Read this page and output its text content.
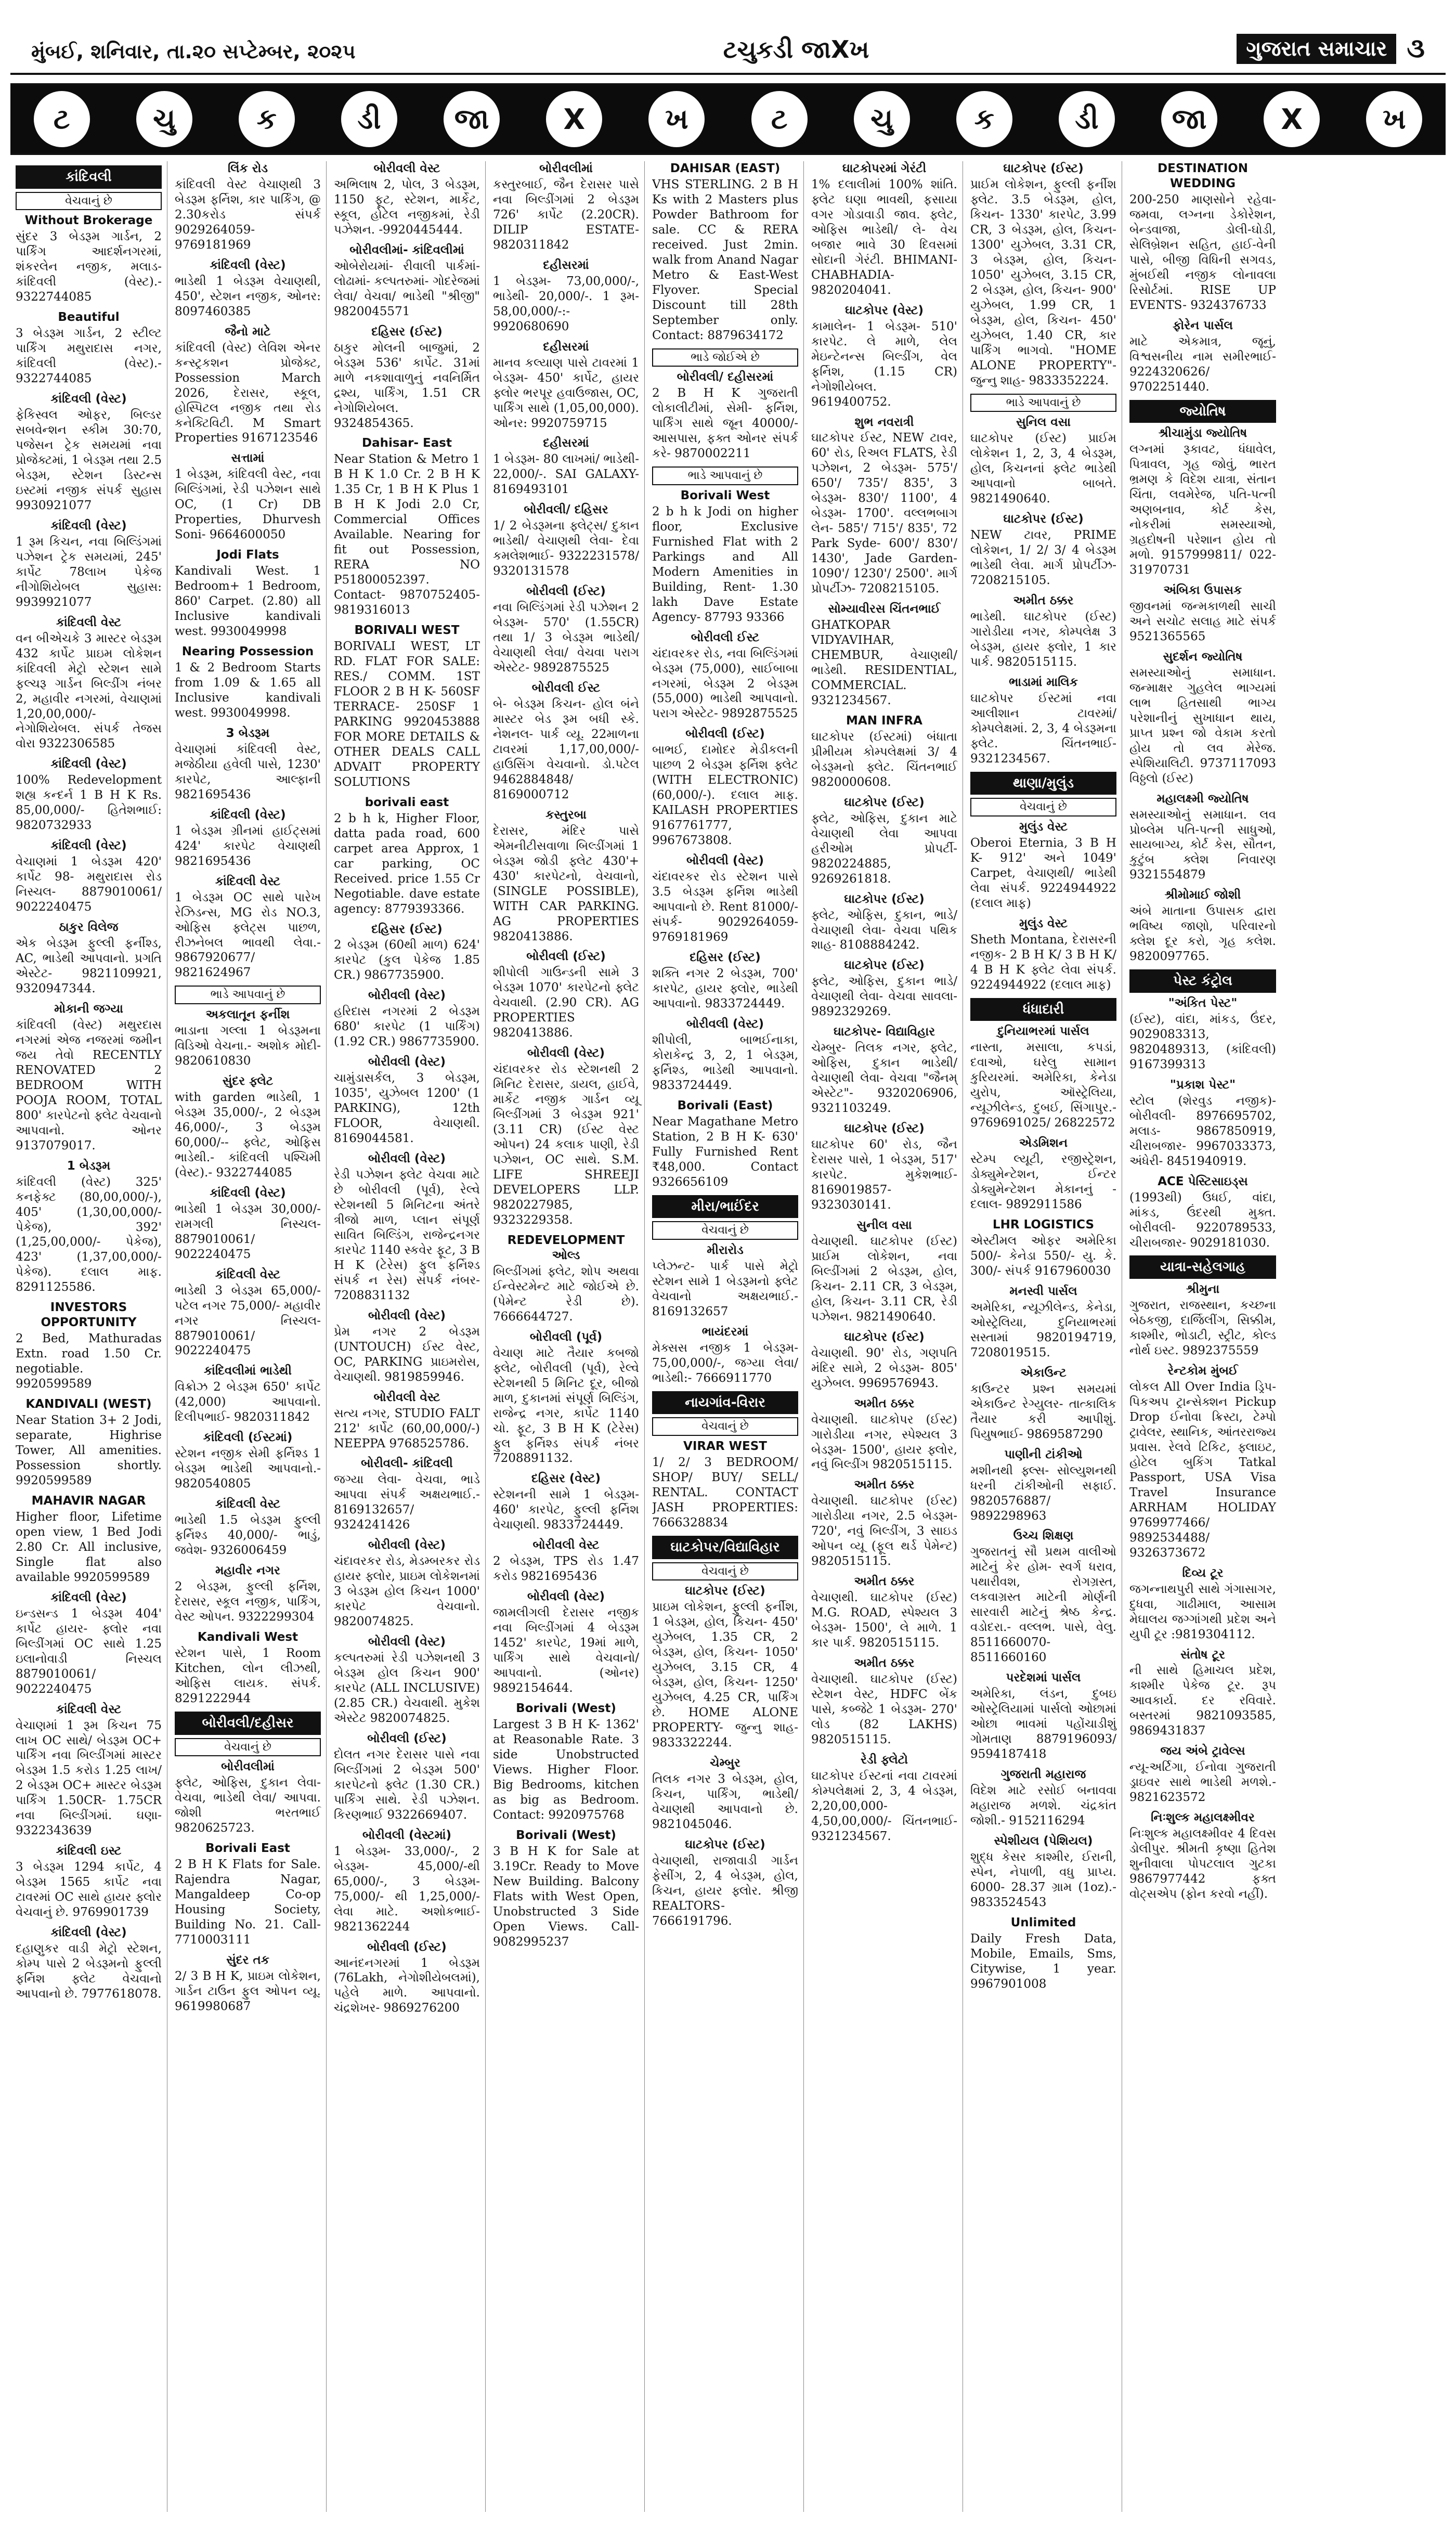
મુંબઈ, શનિવાર, તા.૨૦ સપ્ટેમ્બર, ૨૦૨૫	ટચુકડી જાXખ	ગુજરાત સમાચાર ૩
ટ	ચુ	ક	ડી	જા	X	ખ	ટ	ચુ	ક	ડી	જા	X	ખ
કાંદિવલી
વેચવાનું છે
Without Brokerage
સુંદર 3 બેડરૂમ ગાર્ડન, 2 પાર્કિંગ આદર્શનગરમાં, શંકરલેન નજીક, મલાડ-કાંદિવલી (વેસ્ટ).- 9322744085
Beautiful
3 બેડરૂમ ગાર્ડન, 2 સ્ટીલ્ટ પાર્કિંગ મથુરાદાસ નગર, કાંદિવલી (વેસ્ટ).- 9322744085
કાંદિવલી (વેસ્ટ)
ફેકિસ્વલ ઓફર, બિલ્ડર સબવેન્શન સ્કીમ 30:70, પજેસન ટ્રેક સમયમાં નવા પ્રોજેક્ટમાં, 1 બેડરૂમ તથા 2.5 બેડરૂમ, સ્ટેશન ડિસ્ટન્સ ઇસ્ટમાં નજીક સંપર્ક સુહાસ 9930921077
કાંદિવલી (વેસ્ટ)
1 રૂમ કિચન, નવા બિલ્ડિંગમાં પઝેશન ટ્રેક સમયમાં, 245' કાર્પેટ 78લાખ પેકેજ નીગોશિયેબલ સુહાસ: 9939921077
કાંદિવલી વેસ્ટ
વન બીએચકે 3 માસ્ટર બેડરૂમ 432 કાર્પેટ પ્રાઇમ લોકેશન કાંદિવલી મેટ્રો સ્ટેશન સામે ફલ્ચરૂ ગાર્ડન બિલ્ડીંગ નંબર 2, મહાવીર નગરમાં, વેચાણમાં 1,20,00,000/- નેગોશિયેબલ. સંપર્ક તેજસ વોરા 9322306585
કાંદિવલી (વેસ્ટ)
100% Redevelopment શહ્ય કન્દર્ન 1 B H K Rs. 85,00,000/- હિતેશભાઈ: 9820732933
કાંદિવલી (વેસ્ટ)
વેચાણમાં 1 બેડરૂમ 420' કાર્પેટ 98- મથુરાદાસ રોડ નિસ્ચલ- 8879010061/ 9022240475
ઠાકુર વિલેજ
એક બેડરૂમ ફુલ્લી ફર્નીશ્ડ, AC, ભાડેથી આપવાનો. પ્રગતિ એસ્ટેટ- 9821109921, 9320947344.
મોકાની જગ્યા
કાંદિવલી (વેસ્ટ) મથુરદાસ નગરમાં એજ નજરમાં જમીન જય તેવો RECENTLY RENOVATED 2 BEDROOM WITH POOJA ROOM, TOTAL 800' કારપેટનો ફ્લેટ વેચવાનો આપવાનો. ઓનર 9137079017.
1 બેડરૂમ
કાંદિવલી (વેસ્ટ) 325' કનફેક્ટ (80,00,000/-), 405' (1,30,00,000/- પેકેજ), 392' (1,25,00,000/- પેકેજ), 423' (1,37,00,000/- પેકેજ). દલાલ માફ. 8291125586.
INVESTORS OPPORTUNITY
2 Bed, Mathuradas Extn. road 1.50 Cr. negotiable. 9920599589
KANDIVALI (WEST)
Near Station 3+ 2 Jodi, separate, Highrise Tower, All amenities. Possession shortly. 9920599589
MAHAVIR NAGAR
Higher floor, Lifetime open view, 1 Bed Jodi 2.80 Cr. All inclusive, Single flat also available 9920599589
કાંદિવલી (વેસ્ટ)
ઇન્ડસન્ડ 1 બેડરૂમ 404' કાર્પેટ હાયર- ફ્લોર નવા બિલ્ડીંગમાં OC સાથે 1.25 ઇલાનોવાડી નિસ્ચલ 8879010061/ 9022240475
કાંદિવલી વેસ્ટ
વેચાણમાં 1 રૂમ કિચન 75 લાખ OC સાથે/ બેડરૂમ OC+ પાર્કિંગ નવા બિલ્ડીંગમાં માસ્ટર બેડરૂમ 1.5 કરોડ 1.25 લાખ/ 2 બેડરૂમ OC+ માસ્ટર બેડરૂમ પાર્કિંગ 1.50CR- 1.75CR નવા બિલ્ડીંગમાં. ઘણા- 9322343639
કાંદિવલી ઇસ્ટ
3 બેડરૂમ 1294 કાર્પેટ, 4 બેડરૂમ 1565 કાર્પેટ નવા ટાવરમાં OC સાથે હાયર ફ્લોર વેચવાનું છે. 9769901739
કાંદિવલી (વેસ્ટ)
દહાણુકર વાડી મેટ્રો સ્ટેશન, કોમ્પ પાસે 2 બેડરૂમનો ફુલ્લી ફર્નિશ ફ્લેટ વેચવાનો આપવાનો છે. 7977618078.
લિંક રોડ
કાંદિવલી વેસ્ટ વેચાણથી 3 બેડરૂમ ફર્નિશ, કાર પાર્કિંગ, @ 2.30કરોડ સંપર્ક 9029264059- 9769181969
કાંદિવલી (વેસ્ટ)
ભાડેથી 1 બેડરૂમ વેચાણથી, 450', સ્ટેશન નજીક, ઓનર: 8097460385
જૈનો માટે
કાંદિવલી (વેસ્ટ) લેવિશ એનર કન્સ્ટ્રકશન પ્રોજેક્ટ, Possession March 2026, દેરાસર, સ્કૂલ, હોસ્પિટલ નજીક તથા રોડ કનેક્ટિવિટી. M Smart Properties 9167123546
સત્તામાં
1 બેડરૂમ, કાંદિવલી વેસ્ટ, નવા બિલ્ડિંગમાં, રેડી પઝેશન સાથે OC, (1 Cr) DB Properties, Dhurvesh Soni- 9664600050
Jodi Flats
Kandivali West. 1 Bedroom+ 1 Bedroom, 860' Carpet. (2.80) all Inclusive kandivali west. 9930049998
Nearing Possession
1 & 2 Bedroom Starts from 1.09 & 1.65 all Inclusive kandivali west. 9930049998.
3 બેડરૂમ
વેચાણમાં કાંદિવલી વેસ્ટ, મજેઠીયા હવેલી પાસે, 1230' કારપેટ, આલ્ફાની 9821695436
કાંદિવલી (વેસ્ટ)
1 બેડરૂમ ગ્રીનમાં હાઈટ્સમાં 424' કારપેટ વેચાણથી 9821695436
કાંદિવલી વેસ્ટ
1 બેડરૂમ OC સાથે પારેખ રેઝિડન્સ, MG રોડ NO.3, ઓફિસ ફ્લેટ્સ પાછળ, રીઝનેબલ ભાવથી લેવા.- 9867920677/ 9821624967
ભાડે આપવાનું છે
અકલાતૂન ફર્નીશ
ભાડાના ગલ્લા 1 બેડરૂમના વિડિઓ વેચના.- અશોક મોદી- 9820610830
સુંદર ફ્લેટ
with garden ભાડેથી, 1 બેડરૂમ 35,000/-, 2 બેડરૂમ 46,000/-, 3 બેડરૂમ 60,000/-- ફ્લેટ, ઓફિસ ભાડેથી.- કાંદિવલી પશ્ચિમી (વેસ્ટ).- 9322744085
કાંદિવલી (વેસ્ટ)
ભાડેથી 1 બેડરૂમ 30,000/- રામગલી નિસ્ચલ- 8879010061/ 9022240475
કાંદિવલી વેસ્ટ
ભાડેથી 3 બેડરૂમ 65,000/- પટેલ નગર 75,000/- મહાવીર નગર નિસ્ચલ- 8879010061/ 9022240475
કાંદિવલીમાં ભાડેથી
વિક્રોઝ 2 બેડરૂમ 650' કાર્પેટ (42,000) આપવાનો. દિલીપભાઈ- 9820311842
કાંદિવલી (ઈસ્ટમાં)
સ્ટેશન નજીક સેમી ફર્નિશ્ડ 1 બેડરૂમ ભાડેથી આપવાનો.- 9820540805
કાંદિવલી વેસ્ટ
ભાડેથી 1.5 બેડરૂમ ફુલ્લી ફર્નિશ્ડ 40,000/- ભાડું, જવેશ- 9326006459
મહાવીર નગર
2 બેડરૂમ, ફુલ્લી ફર્નિશ, દેરાસર, સ્કૂલ નજીક, પાર્કિંગ, વેસ્ટ ઓપન. 9322299304
Kandivali West
સ્ટેશન પાસે, 1 Room Kitchen, લોન લીઝથી, ઓફિસ લાયક. સંપર્ક. 8291222944
બોરીવલી/દહીસર
વેચવાનું છે
બોરીવલીમાં
ફ્લેટ, ઓફિસ, દુકાન લેવા-વેચવા, ભાડેથી લેવા/ આપવા. જોશી ભરતભાઈ 9820625723.
Borivali East
2 B H K Flats for Sale. Rajendra Nagar, Mangaldeep Co-op Housing Society, Building No. 21. Call- 7710003111
સુંદર તક
2/ 3 B H K, પ્રાઇમ લોકેશન, ગાર્ડન ટાઉન ફુલ ઓપન વ્યૂ. 9619980687
બોરીવલી વેસ્ટ
અભિલાષ 2, પોલ, 3 બેડરૂમ, 1150 ફૂટ, સ્ટેશન, માર્કેટ, સ્કૂલ, હોટેલ નજીકમાં, રેડી પઝેશન. -9920445444.
બોરીવલીમાં- કાંદિવલીમાં
ઓબેરોયમાં- રીવાલી પાર્કમાં- લોઢામાં- કલ્પતરુમાં- ગોદરેજમાં લેવા/ વેચવા/ ભાડેથી "શ્રીજી" 9820045571
દહિસર (ઈસ્ટ)
ઠાકુર મોલની બાજુમાં, 2 બેડરૂમ 536' કાર્પેટ. 31માં માળે નકશાવાળુનું નવનિર્મિત દ્રશ્ય, પાર્કિંગ, 1.51 CR નેગોશિયેબલ. 9324854365.
Dahisar- East
Near Station & Metro 1 B H K 1.0 Cr. 2 B H K 1.35 Cr, 1 B H K Plus 1 B H K Jodi 2.0 Cr, Commercial Offices Available. Nearing for fit out Possession, RERA NO P51800052397. Contact- 9870752405- 9819316013
BORIVALI WEST
BORIVALI WEST, LT RD. FLAT FOR SALE: RES./ COMM. 1ST FLOOR 2 B H K- 560SF TERRACE- 250SF 1 PARKING 9920453888 FOR MORE DETAILS & OTHER DEALS CALL ADVAIT PROPERTY SOLUTIONS
borivali east
2 b h k, Higher Floor, datta pada road, 600 carpet area Approx, 1 car parking, OC Received. price 1.55 Cr Negotiable. dave estate agency: 8779393366.
દહિસર (ઈસ્ટ)
2 બેડરૂમ (60થી માળ) 624' કારપેટ (કુલ પેકેજ 1.85 CR.) 9867735900.
બોરીવલી (વેસ્ટ)
હરિદાસ નગરમાં 2 બેડરૂમ 680' કારપેટ (1 પાર્કિંગ) (1.92 CR.) 9867735900.
બોરીવલી (વેસ્ટ)
ચામુંડાસર્કલ, 3 બેડરૂમ, 1035', યુઝેબલ 1200' (1 PARKING), 12th FLOOR, વેચાણથી. 8169044581.
બોરીવલી (વેસ્ટ)
રેડી પઝેશન ફ્લેટ વેચવા માટે છે બોરીવલી (પૂર્વ), રેલ્વે સ્ટેશનથી 5 મિનિટના અંતરે ત્રીજો માળ, પ્લાન સંપૂર્ણ સાવિત બિલ્ડિંગ, રાજેન્દ્રનગર કારપેટ 1140 સ્કવેર ફૂટ, 3 B H K (ટેરેસ) ફુલ ફર્નિશ્ડ સંપર્ક ન રેસ) સંપર્ક નંબર- 7208831132
બોરીવલી (વેસ્ટ)
પ્રેમ નગર 2 બેડરૂમ (UNTOUCH) ઈસ્ટ વેસ્ટ, OC, PARKING પ્રાઇમરોસ, વેચાણથી. 9819859946.
બોરીવલી વેસ્ટ
સત્ય નગર, STUDIO FALT 212' કાર્પેટ (60,00,000/-) NEEPPA 9768525786.
બોરીવલી- કાંદિવલી
જગ્યા લેવા- વેચવા, ભાડે આપવા સંપર્ક અક્ષયભાઈ.- 8169132657/ 9324241426
બોરીવલી (વેસ્ટ)
ચંદાવરકર રોડ, મેડમ્બરકર રોડ હાયર ફ્લોર, પ્રાઇમ લોકેશનમાં 3 બેડરૂમ હોલ કિચન 1000' કારપેટ વેચવાનો. 9820074825.
બોરીવલી (વેસ્ટ)
કલ્પતરુમાં રેડી પઝેશનથી 3 બેડરૂમ હોલ કિચન 900' કારપેટ (ALL INCLUSIVE) (2.85 CR.) વેચવાથી. મુકેશ એસ્ટેટ 9820074825.
બોરીવલી (ઈસ્ટ)
દોલત નગર દેરાસર પાસે નવા બિલ્ડીંગમાં 2 બેડરૂમ 500' કારપેટનો ફ્લેટ (1.30 CR.) પાર્કિંગ સાથે. રેડી પઝેશન. કિરણભાઈ 9322669407.
બોરીવલી (વેસ્ટમાં)
1 બેડરૂમ- 33,000/-, 2 બેડરૂમ- 45,000/-થી 65,000/-, 3 બેડરૂમ- 75,000/- થી 1,25,000/- લેવા માટે. અશોકભાઈ- 9821362244
બોરીવલી (ઈસ્ટ)
આનંદનગરમાં 1 બેડરૂમ (76Lakh, નેગોશીયેબલમાં), પહેલે માળે. આપવાનો. ચંદ્રશેખર- 9869276200
બોરીવલીમાં
કસ્તુરબાઈ, જૈન દેરાસર પાસે નવા બિલ્ડીંગમાં 2 બેડરૂમ 726' કાર્પેટ (2.20CR). DILIP ESTATE- 9820311842
દહીસરમાં
1 બેડરૂમ- 73,00,000/-, ભાડેથી- 20,000/-. 1 રૂમ- 58,00,000/-:- 9920680690
દહીસરમાં
માનવ કલ્યાણ પાસે ટાવરમાં 1 બેડરૂમ- 450' કાર્પેટ, હાયર ફ્લોર ભરપૂર હવાઉજાસ, OC, પાર્કિંગ સાથે (1,05,00,000). ઓનર: 9920759715
દહીસરમાં
1 બેડરૂમ- 80 લાખમાં/ ભાડેથી- 22,000/-. SAI GALAXY- 8169493101
બોરીવલી/ દહિસર
1/ 2 બેડરૂમના ફ્લેટ્સ/ દુકાન ભાડેથી/ વેચાણથી લેવા- દેવા કમલેશભાઈ- 9322231578/ 9320131578
બોરીવલી (ઈસ્ટ)
નવા બિલ્ડિંગમાં રેડી પઝેશન 2 બેડરૂમ- 570' (1.55CR) તથા 1/ 3 બેડરૂમ ભાડેથી/ વેચાણથી લેવા/ વેચવા પરાગ એસ્ટેટ- 9892875525
બોરીવલી ઈસ્ટ
બે- બેડરૂમ કિચન- હોલ બંને માસ્ટર બેડ રૂમ બધી સ્કે. નેશનલ- પાર્ક વ્યૂ. 22માળના ટાવરમાં 1,17,00,000/- હાઉસિંગ વેચવાનો. ડો.પટેલ 9462884848/ 8169000712
કસ્તુરબા
દેરાસર, મંદિર પાસે એમનીટીસવાળા બિલ્ડીંગમાં 1 બેડરૂમ જોડી ફ્લેટ 430'+ 430' કારપેટનો, વેચવાનો, (SINGLE POSSIBLE), WITH CAR PARKING. AG PROPERTIES 9820413886.
બોરીવલી (ઈસ્ટ)
શીપોલી ગાઉન્ડની સામે 3 બેડરૂમ 1070' કારપેટનો ફ્લેટ વેચવાથી. (2.90 CR). AG PROPERTIES 9820413886.
બોરીવલી (વેસ્ટ)
ચંદાવરકર રોડ સ્ટેશનથી 2 મિનિટ દેરાસર, ડાયલ, હાઈવે, માર્કેટ નજીક ગાર્ડન વ્યૂ બિલ્ડીંગમાં 3 બેડરૂમ 921' (3.11 CR) (ઈસ્ટ વેસ્ટ ઓપન) 24 કલાક પાણી, રેડી પઝેશન, OC સાથે. S.M. LIFE SHREEJI DEVELOPERS LLP. 9820227985, 9323229358.
REDEVELOPMENT ઓલ્ડ
બિલ્ડીંગમાં ફ્લેટ, શોપ અથવા ઈન્વેસ્ટમેન્ટ માટે જોઈએ છે. (પેમેન્ટ રેડી છે). 7666644727.
બોરીવલી (પૂર્વ)
વેચાણ માટે તૈયાર કબજો ફ્લેટ, બોરીવલી (પૂર્વ), રેલ્વે સ્ટેશનથી 5 મિનિટ દૂર, બીજો માળ, દુકાનમાં સંપૂર્ણ બિલ્ડિંગ, રાજેન્દ્ર નગર, કાર્પેટ 1140 ચો. ફૂટ, 3 B H K (ટેરેસ) ફુલ ફર્નિશ્ડ સંપર્ક નંબર 7208891132.
દહિસર (વેસ્ટ)
સ્ટેશનની સામે 1 બેડરૂમ- 460' કારપેટ, ફુલ્લી ફર્નિશ વેચાણથી. 9833724449.
બોરીવલી વેસ્ટ
2 બેડરૂમ, TPS રોડ 1.47 કરોડ 9821695436
બોરીવલી (વેસ્ટ)
જામલીગલી દેરાસર નજીક નવા બિલ્ડીંગમાં 4 બેડરૂમ 1452' કારપેટ, 19માં માળે, પાર્કિંગ સાથે વેચવાનો/ આપવાનો. (ઓનર) 9892154644.
Borivali (West)
Largest 3 B H K- 1362' at Reasonable Rate. 3 side Unobstructed Views. Higher Floor. Big Bedrooms, kitchen as big as Bedroom. Contact: 9920975768
Borivali (West)
3 B H K for Sale at 3.19Cr. Ready to Move New Building. Balcony Flats with West Open, Unobstructed 3 Side Open Views. Call- 9082995237
DAHISAR (EAST)
VHS STERLING. 2 B H Ks with 2 Masters plus Powder Bathroom for sale. CC & RERA received. Just 2min. walk from Anand Nagar Metro & East-West Flyover. Special Discount till 28th September only. Contact: 8879634172
ભાડે જોઈએ છે
બોરીવલી/ દહીસરમાં
2 B H K ગુજરાતી લોકાલીટીમાં, સેમી- ફર્નિશ, પાર્કિંગ સાથે જૂન 40000/- આસપાસ, ફક્ત ઓનર સંપર્ક કરે- 9870002211
ભાડે આપવાનું છે
Borivali West
2 b h k Jodi on higher floor, Exclusive Furnished Flat with 2 Parkings and All Modern Amenities in Building, Rent- 1.30 lakh Dave Estate Agency- 87793 93366
બોરીવલી ઈસ્ટ
ચંદાવરકર રોડ, નવા બિલ્ડિંગમાં બેડરૂમ (75,000), સાઈબાબા નગરમાં, બેડરૂમ 2 બેડરૂમ (55,000) ભાડેથી આપવાનો. પરાગ એસ્ટેટ- 9892875525
બોરીવલી (ઈસ્ટ)
બાભઈ, દામોદર મેડીકલની પાછળ 2 બેડરૂમ ફર્નિશ ફ્લેટ (WITH ELECTRONIC) (60,000/-). દલાલ માફ. KAILASH PROPERTIES 9167761777, 9967673808.
બોરીવલી (વેસ્ટ)
ચંદાવરકર રોડ સ્ટેશન પાસે 3.5 બેડરૂમ ફર્નિશ ભાડેથી આપવાનો છે. Rent 81000/- સંપર્ક- 9029264059- 9769181969
દહિસર (ઈસ્ટ)
શક્તિ નગર 2 બેડરૂમ, 700' કારપેટ, હાયર ફ્લોર, ભાડેથી આપવાનો. 9833724449.
બોરીવલી (વેસ્ટ)
શીપોલી, બાભઈનાકા, કોરાકેન્દ્ર 3, 2, 1 બેડરૂમ, ફર્નિશ્ડ, ભાડેથી આપવાનો. 9833724449.
Borivali (East)
Near Magathane Metro Station, 2 B H K- 630' Fully Furnished Rent ₹48,000. Contact 9326656109
મીરા/ભાઈંદર
વેચવાનું છે
મીરારોડ
પ્લેઝન્ટ- પાર્ક પાસે મેટ્રો સ્ટેશન સામે 1 બેડરૂમનો ફ્લેટ વેચવાનો અક્ષયભાઈ.- 8169132657
ભાયંદરમાં
મેક્સસ નજીક 1 બેડરૂમ- 75,00,000/-, જગ્યા લેવા/ ભાડેથી:- 7666911770
નાયગાંવ-વિરાર
વેચવાનું છે
VIRAR WEST
1/ 2/ 3 BEDROOM/ SHOP/ BUY/ SELL/ RENTAL. CONTACT JASH PROPERTIES: 7666328834
ઘાટકોપર/વિદ્યાવિહાર
વેચવાનું છે
ઘાટકોપર (ઈસ્ટ)
પ્રાઇમ લોકેશન, ફુલ્લી ફર્નીશ, 1 બેડરૂમ, હોલ, કિચન- 450' યુઝેબલ, 1.35 CR, 2 બેડરૂમ, હોલ, કિચન- 1050' યુઝેબલ, 3.15 CR, 4 બેડરૂમ, હોલ, કિચન- 1250' યુઝેબલ, 4.25 CR, પાર્કિંગ છે. HOME ALONE PROPERTY- જુન્નુ શાહ- 9833322244.
ચેમ્બુર
તિલક નગર 3 બેડરૂમ, હોલ, કિચન, પાર્કિંગ, ભાડેથી/ વેચાણથી આપવાનો છે. 9821045046.
ઘાટકોપર (ઈસ્ટ)
વેચાણથી, રાજાવાડી ગાર્ડન ફેસીંગ, 2, 4 બેડરૂમ, હોલ, કિચન, હાયર ફ્લોર. શ્રીજી REALTORS- 7666191796.
ઘાટકોપરમાં ગેરંટી
1% દલાલીમાં 100% શાંતિ. ફ્લેટ ઘણા ભાવથી, ફસાયા વગર ગોડાવાડી જાવ. ફ્લેટ, ઓફિસ ભાડેથી/ લે- વેચ બજાર ભાવે 30 દિવસમાં સોદાની ગેરંટી. BHIMANI- CHABHADIA- 9820204041.
ઘાટકોપર (વેસ્ટ)
કામાલેન- 1 બેડરૂમ- 510' કારપેટ. લે માળે, લેલ મેઇન્ટેનન્સ બિલ્ડીંગ, વેલ ફર્નિશ, (1.15 CR) નેગોશીયેબલ. 9619400752.
શુભ નવરાત્રી
ઘાટકોપર ઈસ્ટ, NEW ટાવર, 60' રોડ, રિઅલ FLATS, રેડી પઝેશન, 2 બેડરૂમ- 575'/ 650'/ 735'/ 835', 3 બેડરૂમ- 830'/ 1100', 4 બેડરૂમ- 1700'. વલ્લભબાગ લેન- 585'/ 715'/ 835', 72 Park Syde- 600'/ 830'/ 1430', Jade Garden- 1090'/ 1230'/ 2500'. માર્ગ પ્રોપર્ટીઝ- 7208215105.
સોમ્યાવીરસ ચિંતનભાઈ
GHATKOPAR VIDYAVIHAR, CHEMBUR, વેચાણથી/ ભાડેથી. RESIDENTIAL, COMMERCIAL. 9321234567.
MAN INFRA
ઘાટકોપર (ઈસ્ટમાં) બંધાતા પ્રીમીયમ કોમ્પલેક્ષમાં 3/ 4 બેડરૂમનો ફ્લેટ. ચિંતનભાઈ 9820000608.
ઘાટકોપર (ઈસ્ટ)
ફ્લેટ, ઓફિસ, દુકાન માટે વેચાણથી લેવા આપવા હરીઓમ પ્રોપર્ટી- 9820224885, 9269261818.
ઘાટકોપર (ઈસ્ટ)
ફ્લેટ, ઓફિસ, દુકાન, ભાડે/ વેચાણથી લેવા- વેચવા પથિક શાહ- 8108884242.
ઘાટકોપર (ઈસ્ટ)
ફ્લેટ, ઓફિસ, દુકાન ભાડે/ વેચાણથી લેવા- વેચવા સાવલા- 9892329269.
ઘાટકોપર- વિદ્યાવિહાર
ચેમ્બુર- તિલક નગર, ફ્લેટ, ઓફિસ, દુકાન ભાડેથી/ વેચાણથી લેવા- વેચવા "જૈનમ્ એસ્ટેટ"- 9320206906, 9321103249.
ઘાટકોપર (ઈસ્ટ)
ઘાટકોપર 60' રોડ, જૈન દેરાસર પાસે, 1 બેડરૂમ, 517' કારપેટ. મુકેશભાઈ- 8169019857- 9323030141.
સુનીલ વસા
વેચાણથી. ઘાટકોપર (ઈસ્ટ) પ્રાઈમ લોકેશન, નવા બિલ્ડીંગમાં 2 બેડરૂમ, હોલ, કિચન- 2.11 CR, 3 બેડરૂમ, હોલ, કિચન- 3.11 CR, રેડી પઝેશન. 9821490640.
ઘાટકોપર (ઈસ્ટ)
વેચાણથી. 90' રોડ, ગણપતિ મંદિર સામે, 2 બેડરૂમ- 805' યુઝેબલ. 9969576943.
અમીત ઠક્કર
વેચાણથી. ઘાટકોપર (ઈસ્ટ) ગારોડીયા નગર, સ્પેશ્યલ 3 બેડરૂમ- 1500', હાયર ફ્લોર, નવું બિલ્ડીંગ 9820515115.
અમીત ઠક્કર
વેચાણથી. ઘાટકોપર (ઈસ્ટ) ગારોડીયા નગર, 2.5 બેડરૂમ- 720', નવું બિલ્ડીંગ, 3 સાઇડ ઓપન વ્યૂ (ફૂલ થર્ડ પેમેન્ટ) 9820515115.
અમીત ઠક્કર
વેચાણથી. ઘાટકોપર (ઈસ્ટ) M.G. ROAD, સ્પેશ્યલ 3 બેડરૂમ- 1500', લે માળે. 1 કાર પાર્ક. 9820515115.
અમીત ઠક્કર
વેચાણથી. ઘાટકોપર (ઈસ્ટ) સ્ટેશન વેસ્ટ, HDFC બેંક પાસે, કબ્જેટે 1 બેડરૂમ- 270' લોડ (82 LAKHS) 9820515115.
રેડી ફ્લેટો
ઘાટકોપર ઈસ્ટનાં નવા ટાવરમાં કોમ્પલેક્ષમાં 2, 3, 4 બેડરૂમ, 2,20,00,000- 4,50,00,000/- ચિંતનભાઈ- 9321234567.
ઘાટકોપર (ઈસ્ટ)
પ્રાઈમ લોકેશન, ફુલ્લી ફર્નીશ ફ્લેટ. 3.5 બેડરૂમ, હોલ, કિચન- 1330' કારપેટ, 3.99 CR, 3 બેડરૂમ, હોલ, કિચન- 1300' યુઝેબલ, 3.31 CR, 3 બેડરૂમ, હોલ, કિચન- 1050' યુઝેબલ, 3.15 CR, 2 બેડરૂમ, હોલ, કિચન- 900' યુઝેબલ, 1.99 CR, 1 બેડરૂમ, હોલ, કિચન- 450' યુઝેબલ, 1.40 CR, કાર પાર્કિંગ ભાગવો. "HOME ALONE PROPERTY"- જુન્નુ શાહ- 9833352224.
ભાડે આપવાનું છે
સુનિલ વસા
ઘાટકોપર (ઈસ્ટ) પ્રાઈમ લોકેશન 1, 2, 3, 4 બેડરૂમ, હોલ, કિચનનાં ફ્લેટ ભાડેથી આપવાનો બાબતે. 9821490640.
ઘાટકોપર (ઈસ્ટ)
NEW ટાવર, PRIME લોકેશન, 1/ 2/ 3/ 4 બેડરૂમ ભાડેથી લેવા. માર્ગ પ્રોપર્ટીઝ- 7208215105.
અમીત ઠક્કર
ભાડેથી. ઘાટકોપર (ઈસ્ટ) ગારોડીયા નગર, કોમ્પલેક્ષ 3 બેડરૂમ, હાયર ફ્લોર, 1 કાર પાર્ક. 9820515115.
ભાડામાં માલિક
ઘાટકોપર ઈસ્ટમાં નવા આલીશાન ટાવરમાં/ કોમ્પલેક્ષમાં. 2, 3, 4 બેડરૂમના ફ્લેટ. ચિંતનભાઈ- 9321234567.
થાણા/મુલુંડ
વેચવાનું છે
મુલુંડ વેસ્ટ
Oberoi Eternia, 3 B H K- 912' અને 1049' Carpet, વેચાણથી/ ભાડેથી લેવા સંપર્ક. 9224944922 (દલાલ માફ)
મુલુંડ વેસ્ટ
Sheth Montana, દેરાસરની નજીક- 2 B H K/ 3 B H K/ 4 B H K ફ્લેટ લેવા સંપર્ક. 9224944922 (દલાલ માફ)
ધંધાદારી
દુનિયાભરમાં પાર્સલ
નાસ્તા, મસાલા, કપડાં, દવાઓ, ઘરેલુ સામાન કુરિયરમાં. અમેરિકા, કેનેડા યુરોપ, ઑસ્ટ્રેલિયા, ન્યૂઝીલેન્ડ, દુબઈ, સિંગાપુર.- 9769691025/ 26822572
એડમિશન
સ્ટેમ્પ લ્યૂટી, રજીસ્ટ્રેશન, ડોક્યુમેન્ટેશન, ઈન્ટર ડોક્યુમેન્ટેશન મેકાનનું - દલાલ- 9892911586
LHR LOGISTICS
એસ્ટીમલ ઓફર અમેરિકા 500/- કેનેડા 550/- યુ. કે. 300/- સંપર્ક 9167960030
મનસ્વી પાર્સલ
અમેરિકા, ન્યૂઝીલેન્ડ, કેનેડા, ઓસ્ટ્રેલિયા, દુનિયાભરમાં સસ્તામાં 9820194719, 7208019515.
એકાઉન્ટ
કાઉન્ટર પ્રશ્ન સમયમાં એકાઉન્ટ રેગ્યુલર- તાત્કાલિક તૈયાર કરી આપીશું. પિયુષભાઈ- 9869587290
પાણીની ટાંકીઓ
મશીનથી ફ્લ્સ- સોલ્યુશનથી ધરની ટાંકીઓની સફાઈ. 9820576887/ 9892298963
ઉચ્ચ શિક્ષણ
ગુજરાતનું સૌ પ્રથમ વાલીઓ માટેનું કેર હોમ- સ્વર્ગ ધરાવ, પથારીવશ, રોગગ્રસ્ત, લકવાગ્રસ્ત માટેની મોર્ણની સારવારી માટેનું શ્રેષ્ઠ કેન્દ્ર. વડોદરા.- વલ્લભ. પાસે, વેલુ. 8511660070- 8511660160
પરદેશમાં પાર્સલ
અમેરિકા, લંડન, દુબઇ ઓસ્ટ્રેલિયામાં પાર્સલો ઓછામાં ઓછા ભાવમાં પહોંચાડીશું ગોમતાણ 8879196093/ 9594187418
ગુજરાતી મહારાજ
વિદેશ માટે રસોઈ બનાવવા મહારાજ મળશે. ચંદ્રકાંત જોશી.- 9152116294
સ્પેશીયલ (પેશિયલ)
શુદ્ધ કેસર કાશ્મીર, ઈરાની, સ્પેન, નેપાળી, વધુ પ્રાપ્ય. 6000- 28.37 ગ્રામ (1oz).- 9833524543
Unlimited
Daily Fresh Data, Mobile, Emails, Sms, Citywise, 1 year. 9967901008
DESTINATION WEDDING
200-250 માણસોને રહેવા-જમવા, લગ્નના ડેકોરેશન, બેન્ડવાજા, ડોલી-ઘોડી, સેલિબ્રેશન સહિત, હાઈ-વેની પાસે, બીજી વિધિની સગવડ, મુંબઈથી નજીક લોનાવલા રિસોર્ટમાં. RISE UP EVENTS- 9324376733
ફોરેન પાર્સલ
માટે એકમાત્ર, જૂનું, વિશ્વસનીય નામ સમીરભાઈ- 9224320626/ 9702251440.
જ્યોતિષ
શ્રીચામુંડા જ્યોતિષ
લગ્નમાં રૂકાવટ, ધંધાવેલ, પિત્રાવલ, ગૃહ જોવું, ભારત ભ્રમણ કે વિદેશ યાત્રા, સંતાન ચિંતા, લવમેરેજ, પતિ-પત્ની અણબનાવ, કોર્ટ કેસ, નોકરીમાં સમસ્યાઓ, ગ્રહદોષની પરેશાન હોય તો મળો. 9157999811/ 022-31970731
અંબિકા ઉપાસક
જીવનમાં જન્મકાળથી સાચી અને સચોટ સલાહ માટે સંપર્ક 9521365565
સુદર્શન જ્યોતિષ
સમસ્યાઓનું સમાધાન. જન્માક્ષર ગુહલેલ ભાગ્યમાં લાભ હિતસાથી ભાગ્ય પરેશાનીનું સુખાધાન થાય, પ્રાપ્ત પ્રશ્ન જો વેકામ કરતો હોય તો લવ મેરેજ. સ્પેશિયાલિટી. 9737117093 વિઠ્ઠલો (ઈસ્ટ)
મહાલક્ષ્મી જ્યોતિષ
સમસ્યાઓનું સમાધાન. લવ પ્રોબ્લેમ પતિ-પત્ની સાધુઓ, સાયબાગ્ય, કોર્ટ કેસ, સૌતન, કુટુંબ ક્લેશ નિવારણ 9321554879
શ્રીમોમાઈ જોશી
અંબે માતાના ઉપાસક દ્વારા ભવિષ્ય જાણો, પરિવારનો ક્લેશ દૂર કરો, ગૃહ કલેશ. 9820097765.
પેસ્ટ કંટ્રોલ
"અંકિત પેસ્ટ"
(ઈસ્ટ), વાંદા, માંકડ, ઉંદર, 9029083313, 9820489313, (કાંદિવલી) 9167399313
"પ્રકાશ પેસ્ટ"
સ્ટોલ (શેરવુડ નજીક)- બોરીવલી- 8976695702, મલાડ- 9867850919, ચીરાબજાર- 9967033373, અંધેરી- 8451940919.
ACE પેસ્ટિસાઇડ્સ
(1993થી) ઉધઈ, વાંદા, માંકડ, ઉંદરથી મુક્ત. બોરીવલી- 9220789533, ચીરાબજાર- 9029181030.
યાત્રા-સહેલગાહ
શ્રીમુના
ગુજરાત, રાજસ્થાન, કચ્છના બેઠકજી, દાર્જિલીંગ, સિક્કીમ, કાશ્મીર, ભોડાટી, સ્ટ્રીટ, કોલ્ડ નોર્થ ઇસ્ટ. 9892375559
રેન્ટકોમ મુંબઈ
લોકલ All Over India ડ્રિપ-પિકઅપ ટ્રાન્સેક્શન Pickup Drop ઈનોવા ક્રિસ્ટા, ટેમ્પો ટ્રાવેલર, સ્થાનિક, આંતરરાજ્ય પ્રવાસ. રેલવે ટિકિટ, ફ્લાઇટ, હોટેલ બુકિંગ Tatkal Passport, USA Visa Travel Insurance ARRHAM HOLIDAY 9769977466/ 9892534488/ 9326373672
દિવ્ય ટૂર
જગન્નાથપુરી સાથે ગંગાસાગર, દુધવા, ગાઢીમાલ, આસામ મેઘાલય જગ્ગાંગથી પ્રદેશ અને યુપી ટૂર :9819304112.
સંતોષ ટૂર
ની સાથે હિમાચલ પ્રદેશ, કાશ્મીર પેકેજ ટૂર. રૂપ આવકાર્ય. દર રવિવારે. બસ્તરમાં 9821093585, 9869431837
જય અંબે ટ્રાવેલ્સ
ન્યૂ-અર્ટિગા, ઈનોવા ગુજરાતી ડ્રાઇવર સાથે ભાડેથી મળશે.- 9821623572
નિઃશુલ્ક મહાલક્ષ્મીવર
નિઃશુલ્ક મહાલક્ષ્મીવર 4 દિવસ ડોલીપુર. શ્રીમતી કૃષ્ણા હિતેશ શુનીવાલા પોપટલાલ ગુટકા 9867977442 ફક્ત વોટ્સએપ (ફોન કરવો નહીં).
